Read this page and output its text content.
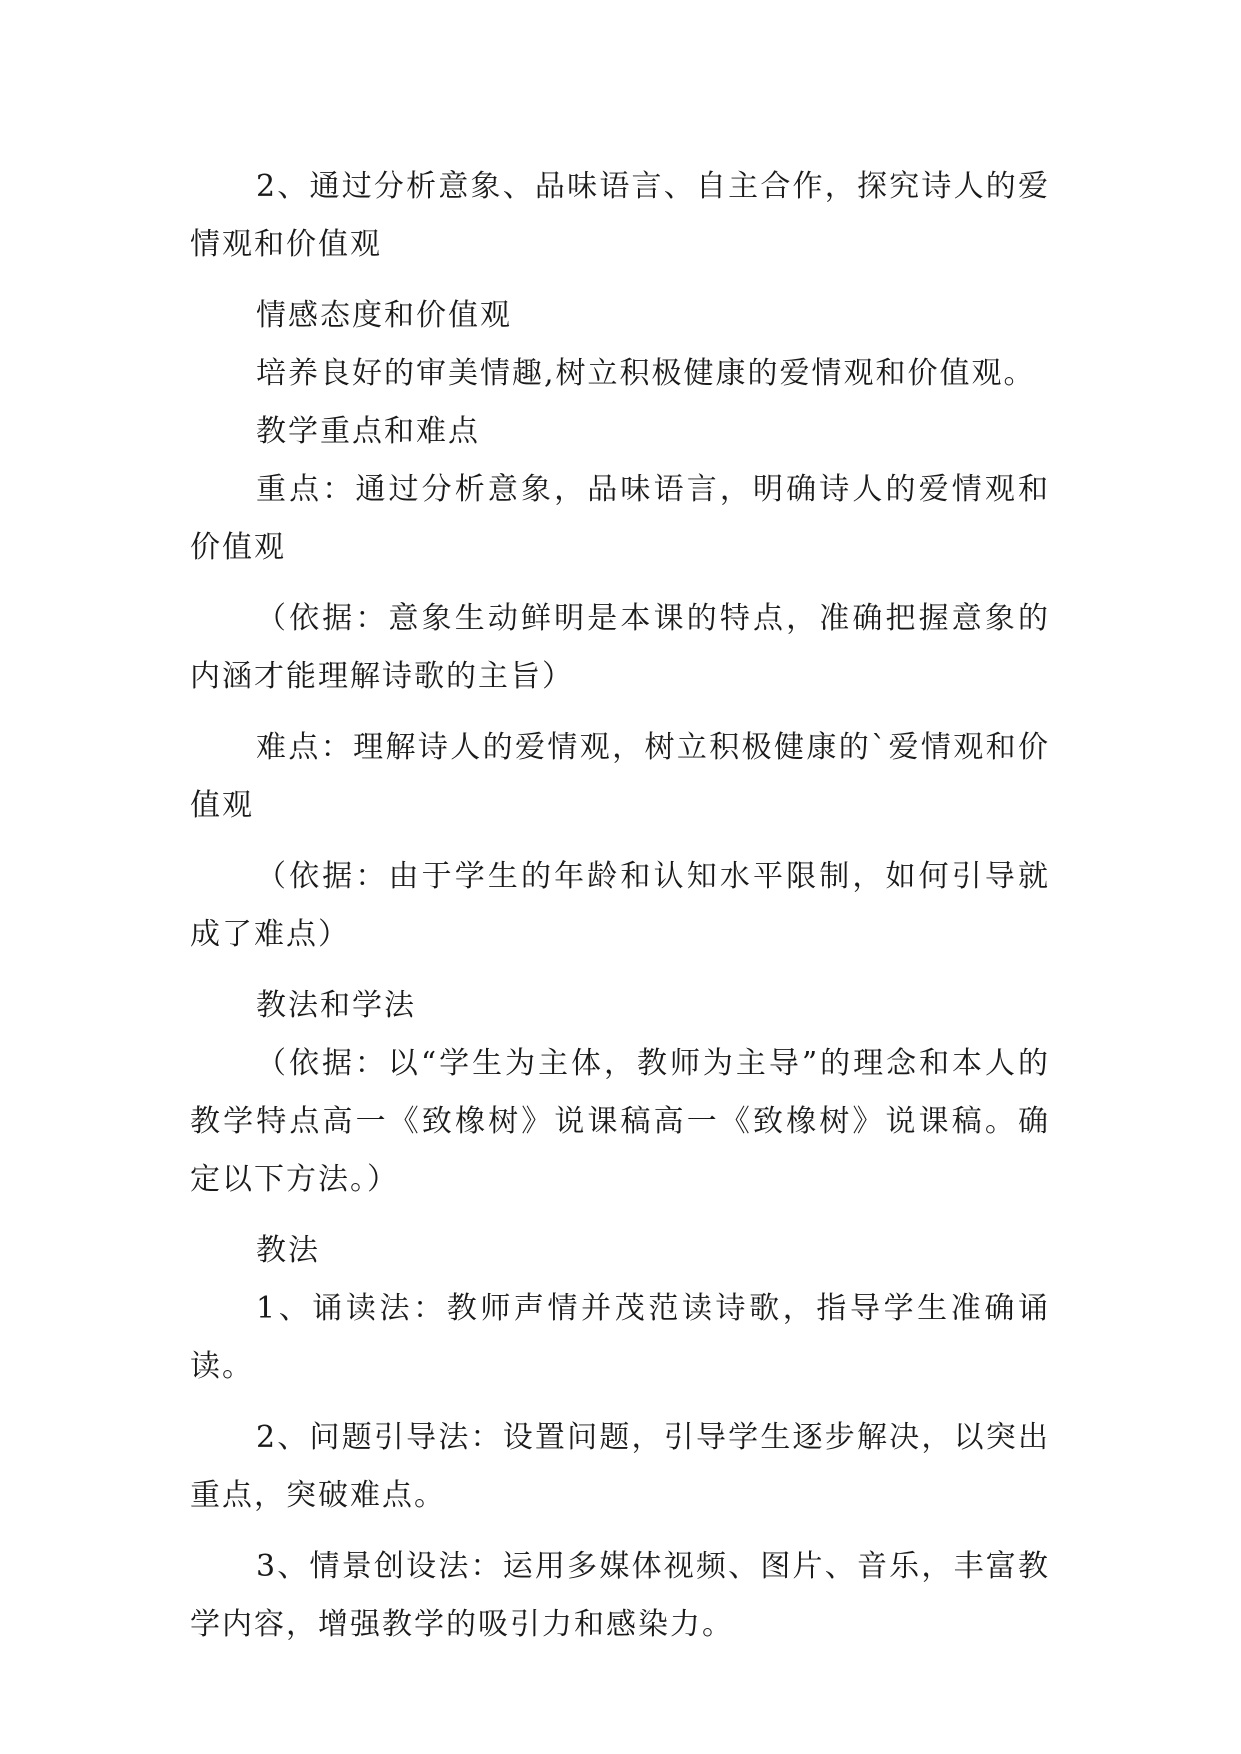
2、通过分析意象、品味语言、自主合作，探究诗人的爱情观和价值观

情感态度和价值观

培养良好的审美情趣,树立积极健康的爱情观和价值观。

教学重点和难点

重点：通过分析意象，品味语言，明确诗人的爱情观和价值观

（依据：意象生动鲜明是本课的特点，准确把握意象的内涵才能理解诗歌的主旨）

难点：理解诗人的爱情观，树立积极健康的`爱情观和价值观

（依据：由于学生的年龄和认知水平限制，如何引导就成了难点）

教法和学法

（依据：以“学生为主体，教师为主导”的理念和本人的教学特点高一《致橡树》说课稿高一《致橡树》说课稿。确定以下方法。）

教法

1、诵读法：教师声情并茂范读诗歌，指导学生准确诵读。

2、问题引导法：设置问题，引导学生逐步解决，以突出重点，突破难点。

3、情景创设法：运用多媒体视频、图片、音乐，丰富教学内容，增强教学的吸引力和感染力。
